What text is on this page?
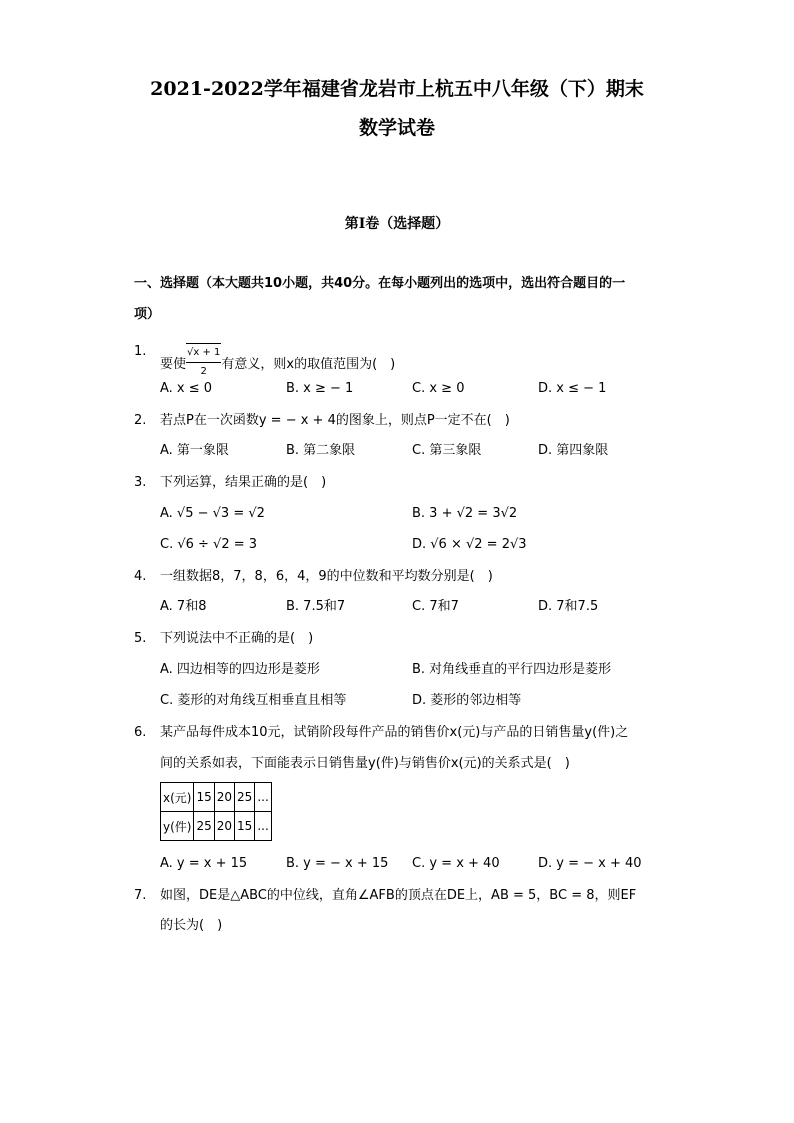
2021-2022学年福建省龙岩市上杭五中八年级（下）期末
数学试卷
第I卷（选择题）
一、选择题（本大题共10小题，共40分。在每小题列出的选项中，选出符合题目的一
项）
1.
要使 $\frac{√x + 1}{2}$ 有意义，则x的取值范围为(　)
A. x ≤ 0	B. x ≥ − 1	C. x ≥ 0	D. x ≤ − 1
2. 若点P在一次函数y = − x + 4的图象上，则点P一定不在(　)
A. 第一象限	B. 第二象限	C. 第三象限	D. 第四象限
3. 下列运算，结果正确的是(　)
A. √5 − √3 = √2	B. 3 + √2 = 3√2
C. √6 ÷ √2 = 3	D. √6 × √2 = 2√3
4. 一组数据8，7，8，6，4，9的中位数和平均数分别是(　)
A. 7和8	B. 7.5和7	C. 7和7	D. 7和7.5
5. 下列说法中不正确的是(　)
A. 四边相等的四边形是菱形	B. 对角线垂直的平行四边形是菱形
C. 菱形的对角线互相垂直且相等	D. 菱形的邻边相等
6. 某产品每件成本10元，试销阶段每件产品的销售价x(元)与产品的日销售量y(件)之
间的关系如表，下面能表示日销售量y(件)与销售价x(元)的关系式是(　)
x(元)	15	20	25	...
y(件)	25	20	15	...
A. y = x + 15	B. y = − x + 15 C. y = x + 40	D. y = − x + 40
7. 如图，DE是△ABC的中位线，直角∠AFB的顶点在DE上，AB = 5，BC = 8，则EF
的长为(　)
